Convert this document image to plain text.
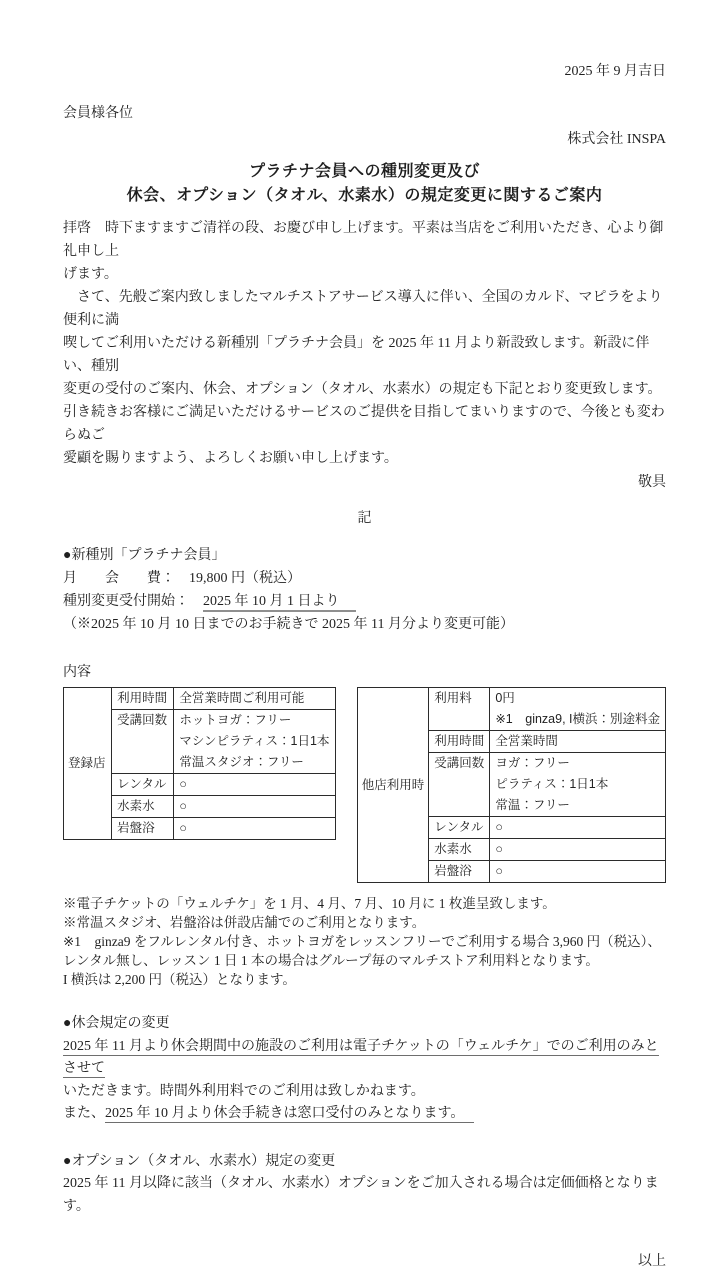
2025 年 9 月吉日
会員様各位
株式会社 INSPA
プラチナ会員への種別変更及び
休会、オプション（タオル、水素水）の規定変更に関するご案内
拝啓　時下ますますご清祥の段、お慶び申し上げます。平素は当店をご利用いただき、心より御礼申し上
げます。
　さて、先般ご案内致しましたマルチストアサービス導入に伴い、全国のカルド、マピラをより便利に満
喫してご利用いただける新種別「プラチナ会員」を 2025 年 11 月より新設致します。新設に伴い、種別
変更の受付のご案内、休会、オプション（タオル、水素水）の規定も下記とおり変更致します。
引き続きお客様にご満足いただけるサービスのご提供を目指してまいりますので、今後とも変わらぬご
愛顧を賜りますよう、よろしくお願い申し上げます。
敬具
記
●新種別「プラチナ会員」
月　　会　　費： 19,800 円（税込）
種別変更受付開始： 2025 年 10 月 1 日より
（※2025 年 10 月 10 日までのお手続きで 2025 年 11 月分より変更可能）
内容
登録店	利用時間	全営業時間ご利用可能
	受講回数	ホットヨガ：フリー
マシンピラティス：1日1本
常温スタジオ：フリー

	レンタル	○
	水素水	○
	岩盤浴	○
他店利用時	利用料	0円
※1　ginza9, I横浜：別途料金

	利用時間	全営業時間
	受講回数	ヨガ：フリー
ピラティス：1日1本
常温：フリー

	レンタル	○
	水素水	○
	岩盤浴	○
※電子チケットの「ウェルチケ」を 1 月、4 月、7 月、10 月に 1 枚進呈致します。
※常温スタジオ、岩盤浴は併設店舗でのご利用となります。
※1　ginza9 をフルレンタル付き、ホットヨガをレッスンフリーでご利用する場合 3,960 円（税込）、
レンタル無し、レッスン 1 日 1 本の場合はグループ毎のマルチストア利用料となります。
I 横浜は 2,200 円（税込）となります。
●休会規定の変更
2025 年 11 月より休会期間中の施設のご利用は電子チケットの「ウェルチケ」でのご利用のみとさせて
いただきます。時間外利用料でのご利用は致しかねます。
また、2025 年 10 月より休会手続きは窓口受付のみとなります。
●オプション（タオル、水素水）規定の変更
2025 年 11 月以降に該当（タオル、水素水）オプションをご加入される場合は定価価格となります。
以上
